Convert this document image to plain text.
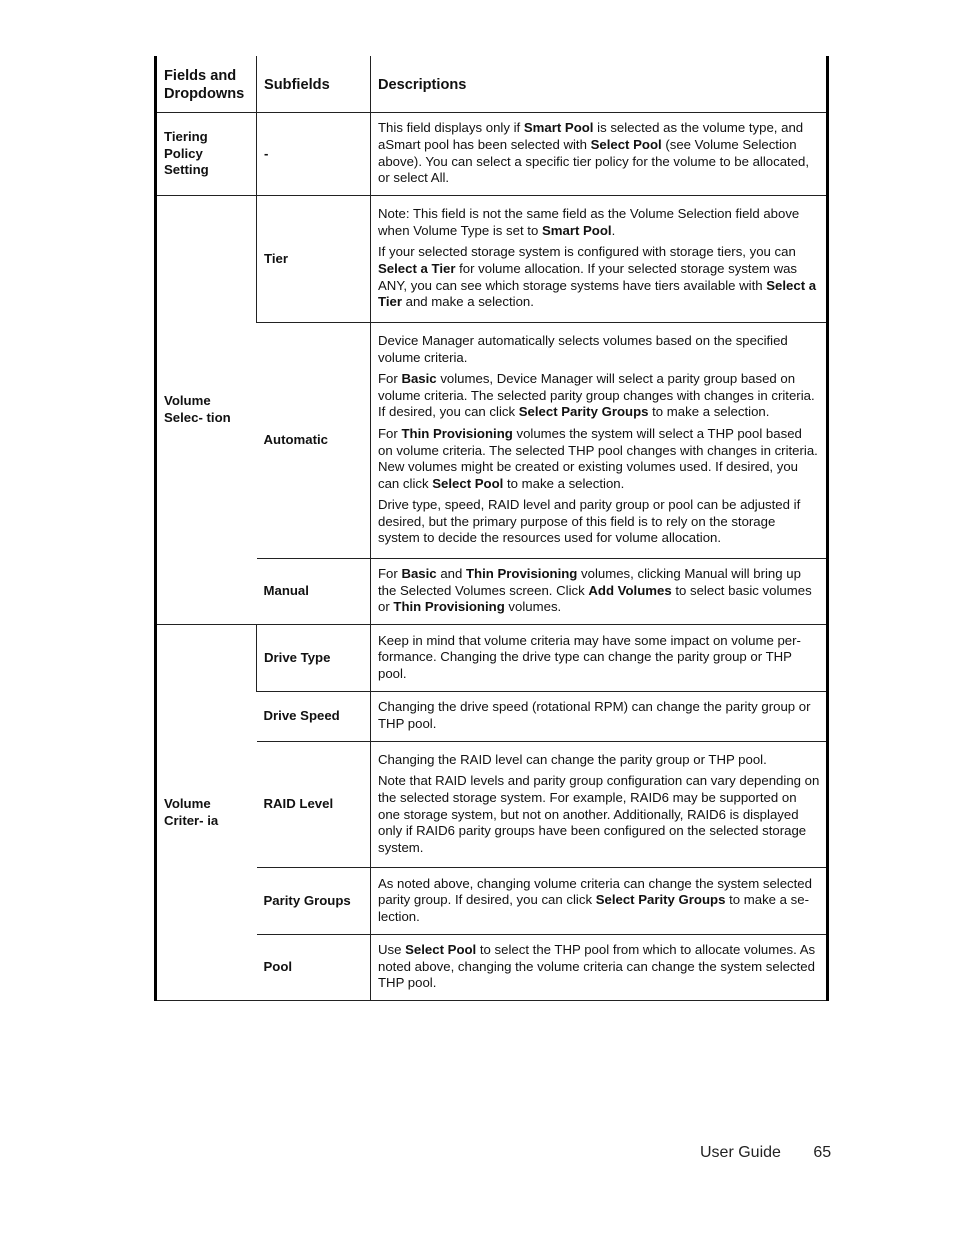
Fields and Dropdowns	Subfields	Descriptions
Tiering Policy Setting	-	This field displays only if Smart Pool is selected as the volume type, and aSmart pool has been selected with Select Pool (see Volume Selection above). You can select a specific tier policy for the volume to be allocated, or select All.

Volume Selec- tion	Tier	Note: This field is not the same field as the Volume Selection field above when Volume Type is set to Smart Pool.

If your selected storage system is configured with storage tiers, you can Select a Tier for volume allocation. If your selected storage system was ANY, you can see which storage systems have tiers available with Select a Tier and make a selection.

	Automatic	Device Manager automatically selects volumes based on the specified volume criteria.

For Basic volumes, Device Manager will select a parity group based on volume criteria. The selected parity group changes with changes in criteria. If desired, you can click Select Parity Groups to make a selection.

For Thin Provisioning volumes the system will select a THP pool based on volume criteria. The selected THP pool changes with changes in criteria. New volumes might be created or existing volumes used. If desired, you can click Select Pool to make a selection.

Drive type, speed, RAID level and parity group or pool can be adjusted if desired, but the primary purpose of this field is to rely on the storage system to decide the resources used for volume allocation.

	Manual	For Basic and Thin Provisioning volumes, clicking Manual will bring up the Selected Volumes screen. Click Add Volumes to select basic volumes or Thin Provisioning volumes.

Volume Criter- ia	Drive Type	Keep in mind that volume criteria may have some impact on volume per- formance. Changing the drive type can change the parity group or THP pool.

	Drive Speed	Changing the drive speed (rotational RPM) can change the parity group or THP pool.

	RAID Level	Changing the RAID level can change the parity group or THP pool.

Note that RAID levels and parity group configuration can vary depending on the selected storage system. For example, RAID6 may be supported on one storage system, but not on another. Additionally, RAID6 is displayed only if RAID6 parity groups have been configured on the selected storage system.

	Parity Groups	As noted above, changing volume criteria can change the system selected parity group. If desired, you can click Select Parity Groups to make a se- lection.

	Pool	Use Select Pool to select the THP pool from which to allocate volumes. As noted above, changing the volume criteria can change the system selected THP pool.

User Guide 65
